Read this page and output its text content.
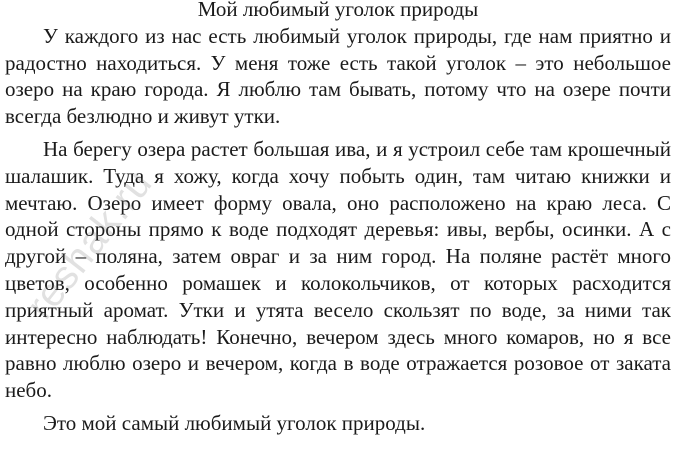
Мой любимый уголок природы

У каждого из нас есть любимый уголок природы, где нам приятно и радостно находиться. У меня тоже есть такой уголок – это небольшое озеро на краю города. Я люблю там бывать, потому что на озере почти всегда безлюдно и живут утки.

На берегу озера растет большая ива, и я устроил себе там крошечный шалашик. Туда я хожу, когда хочу побыть один, там читаю книжки и мечтаю. Озеро имеет форму овала, оно расположено на краю леса. С одной стороны прямо к воде подходят деревья: ивы, вербы, осинки. А с другой – поляна, затем овраг и за ним город. На поляне растёт много цветов, особенно ромашек и колокольчиков, от которых расходится приятный аромат. Утки и утята весело скользят по воде, за ними так интересно наблюдать! Конечно, вечером здесь много комаров, но я все равно люблю озеро и вечером, когда в воде отражается розовое от заката небо.

Это мой самый любимый уголок природы.

reshak.ru
